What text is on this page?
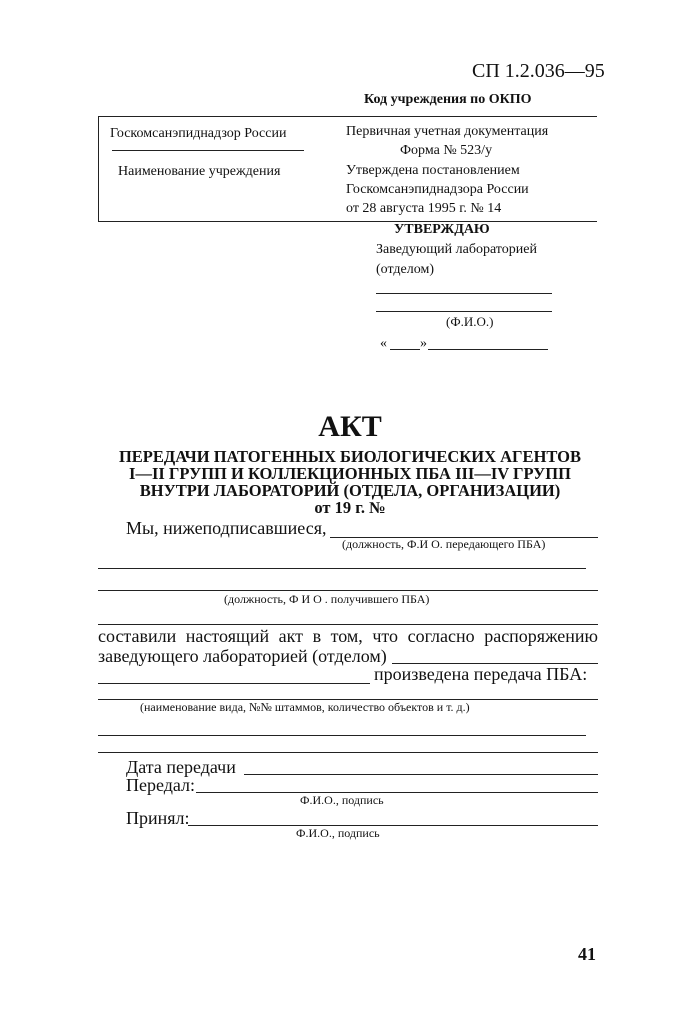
СП 1.2.036—95
Код учреждения по ОКПО
Госкомсанэпиднадзор России
Наименование учреждения
Первичная учетная документация
Форма № 523/у
Утверждена постановлением
Госкомсанэпиднадзора России
от 28 августа 1995 г. № 14
УТВЕРЖДАЮ
Заведующий лабораторией
(отделом)
(Ф.И.О.)
« »
АКТ
ПЕРЕДАЧИ ПАТОГЕННЫХ БИОЛОГИЧЕСКИХ АГЕНТОВ
I—II ГРУПП И КОЛЛЕКЦИОННЫХ ПБА III—IV ГРУПП
ВНУТРИ ЛАБОРАТОРИЙ (ОТДЕЛА, ОРГАНИЗАЦИИ)
от 19 г. №
Мы, нижеподписавшиеся,
(должность, Ф.И О. передающего ПБА)
(должность, Ф И О . получившего ПБА)
составили настоящий акт в том, что согласно распоряжению
заведующего лабораторией (отделом)
произведена передача ПБА:
(наименование вида, №№ штаммов, количество объектов и т. д.)
Дата передачи
Передал:
Ф.И.О., подпись
Принял:
Ф.И.О., подпись
41
